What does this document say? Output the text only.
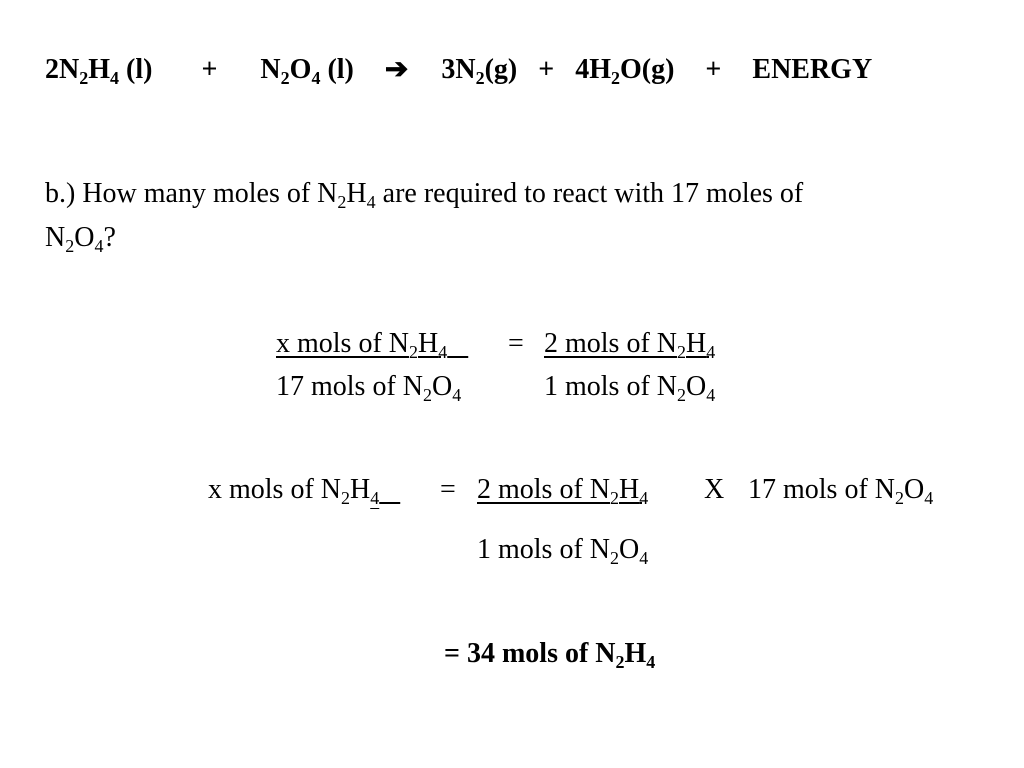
$2N_2H_4$ $(l) + N_2O_4$ (l) ➔ $3N_2(g) + 4H_2O(g)$ + ENERGY
b.) How many moles of $N_2H_4$ are required to react with 17 moles of
$N_2O_4$?
x mols of $N_2H_4$	= 2 mols of $N_2H_4$
17 mols of $N_2O_4$	1 mols of $N_2O_4$
x mols of $N_2H_4$	= 2 mols of $N_2H_4$ X 17 mols of $N_2O_4$
1 mols of $N_2O_4$
= 34 mols of $N_2H_4$
